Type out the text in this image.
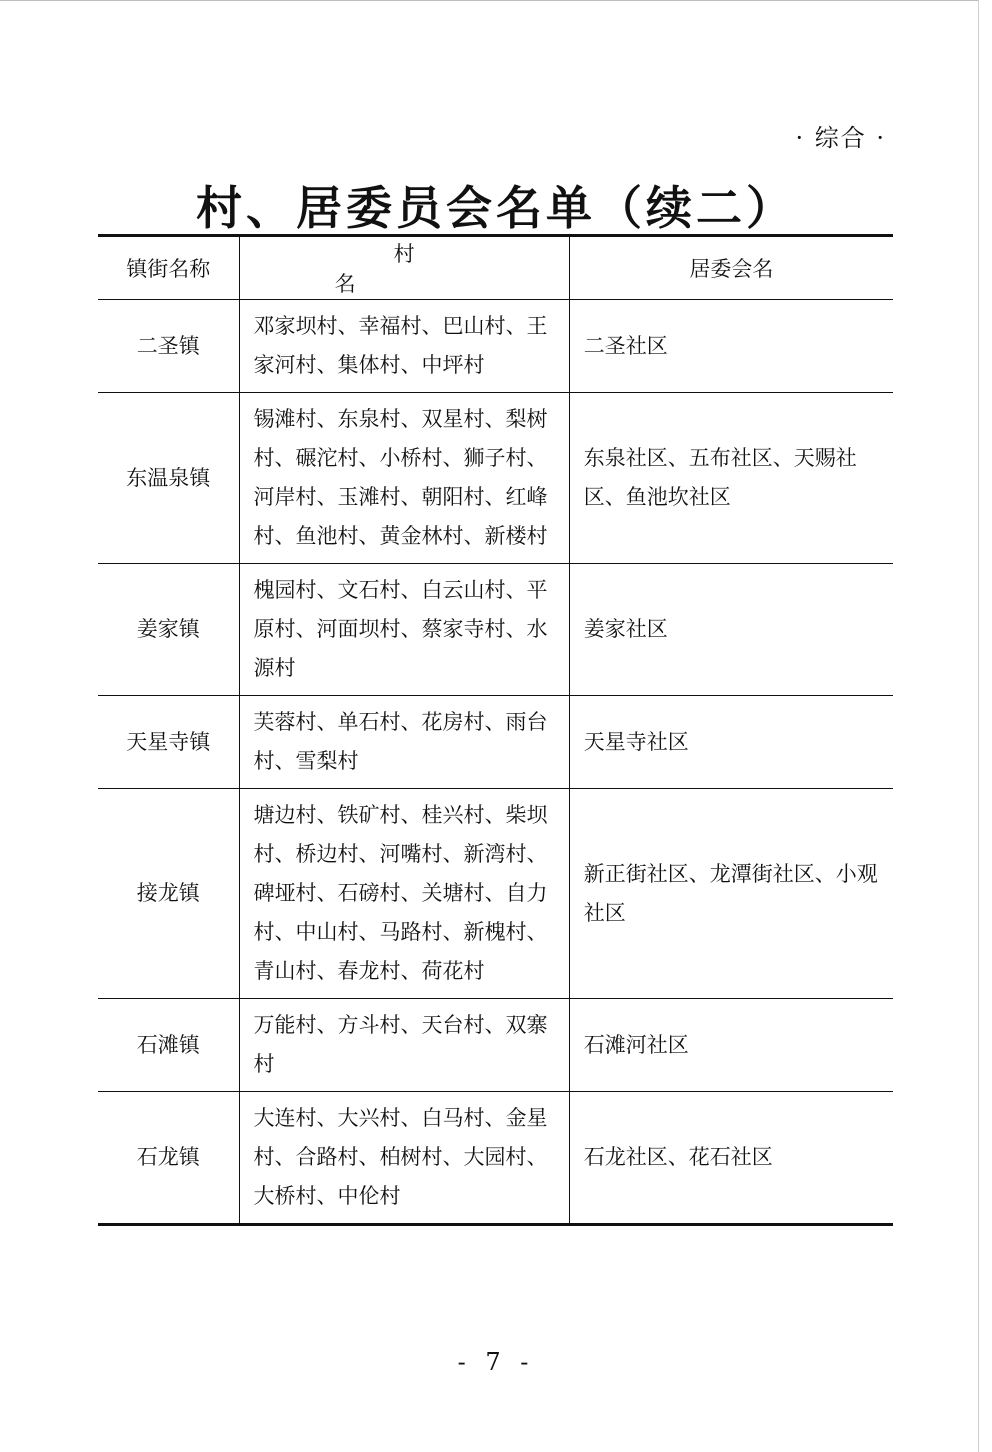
· 综合 ·
村、居委员会名单（续二）
镇街名称	村名	居委会名
二圣镇	邓家坝村、幸福村、巴山村、王家河村、集体村、中坪村	二圣社区
东温泉镇	锡滩村、东泉村、双星村、梨树村、碾沱村、小桥村、狮子村、河岸村、玉滩村、朝阳村、红峰村、鱼池村、黄金林村、新楼村	东泉社区、五布社区、天赐社区、鱼池坎社区
姜家镇	槐园村、文石村、白云山村、平原村、河面坝村、蔡家寺村、水源村	姜家社区
天星寺镇	芙蓉村、单石村、花房村、雨台村、雪梨村	天星寺社区
接龙镇	塘边村、铁矿村、桂兴村、柴坝村、桥边村、河嘴村、新湾村、碑垭村、石磅村、关塘村、自力村、中山村、马路村、新槐村、青山村、春龙村、荷花村	新正街社区、龙潭街社区、小观社区
石滩镇	万能村、方斗村、天台村、双寨村	石滩河社区
石龙镇	大连村、大兴村、白马村、金星村、合路村、柏树村、大园村、大桥村、中伦村	石龙社区、花石社区
- 7 -
